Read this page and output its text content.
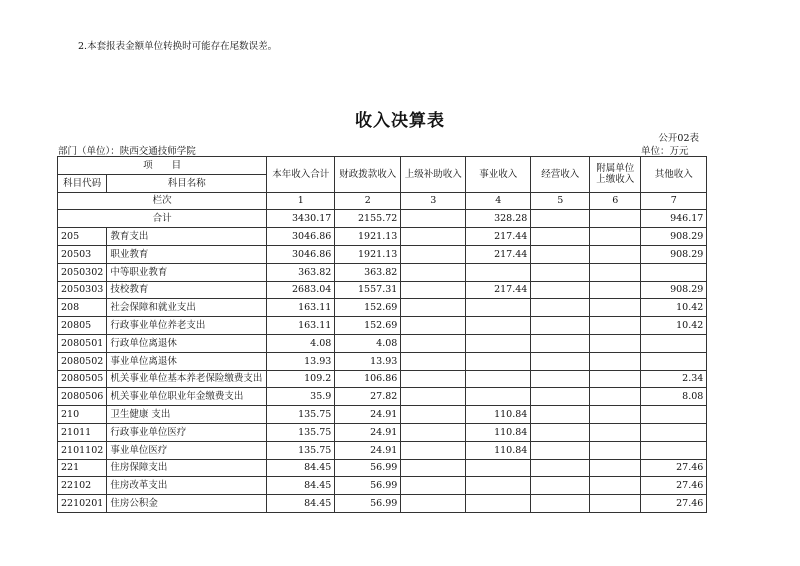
2.本套报表金额单位转换时可能存在尾数误差。
收入决算表
公开02表
部门（单位）：陕西交通技师学院	单位：万元
项　　目		本年收入合计	财政拨款收入	上级补助收入	事业收入	经营收入	附属单位上缴收入	其他收入
科目代码	科目名称							
栏次		1	2	3	4	5	6	7
合计		3430.17	2155.72		328.28			946.17
205	教育支出	3046.86	1921.13		217.44			908.29
20503	职业教育	3046.86	1921.13		217.44			908.29
2050302	中等职业教育	363.82	363.82					
2050303	技校教育	2683.04	1557.31		217.44			908.29
208	社会保障和就业支出	163.11	152.69					10.42
20805	行政事业单位养老支出	163.11	152.69					10.42
2080501	行政单位离退休	4.08	4.08					
2080502	事业单位离退休	13.93	13.93					
2080505	机关事业单位基本养老保险缴费支出	109.2	106.86					2.34
2080506	机关事业单位职业年金缴费支出	35.9	27.82					8.08
210	卫生健康 支出	135.75	24.91		110.84			
21011	行政事业单位医疗	135.75	24.91		110.84			
2101102	事业单位医疗	135.75	24.91		110.84			
221	住房保障支出	84.45	56.99					27.46
22102	住房改革支出	84.45	56.99					27.46
2210201	住房公积金	84.45	56.99					27.46
